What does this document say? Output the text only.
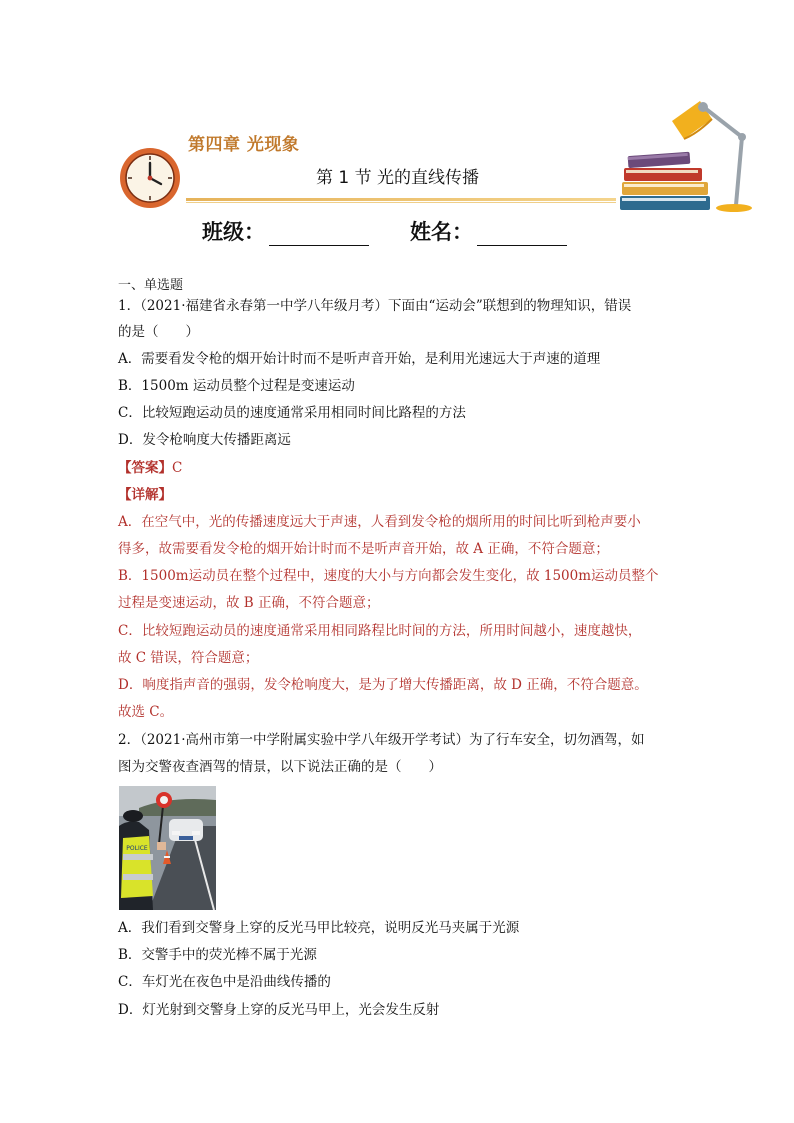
第四章 光现象
第 1 节 光的直线传播
班级：	姓名：
一、单选题
1．（2021·福建省永春第一中学八年级月考）下面由“运动会”联想到的物理知识，错误
的是（　　）
A．需要看发令枪的烟开始计时而不是听声音开始，是利用光速远大于声速的道理
B．1500m 运动员整个过程是变速运动
C．比较短跑运动员的速度通常采用相同时间比路程的方法
D．发令枪响度大传播距离远
【答案】C
【详解】
A．在空气中，光的传播速度远大于声速，人看到发令枪的烟所用的时间比听到枪声要小
得多，故需要看发令枪的烟开始计时而不是听声音开始，故 A 正确，不符合题意；
B．1500m运动员在整个过程中，速度的大小与方向都会发生变化，故 1500m运动员整个
过程是变速运动，故 B 正确，不符合题意；
C．比较短跑运动员的速度通常采用相同路程比时间的方法，所用时间越小，速度越快，
故 C 错误，符合题意；
D．响度指声音的强弱，发令枪响度大，是为了增大传播距离，故 D 正确，不符合题意。
故选 C。
2．（2021·高州市第一中学附属实验中学八年级开学考试）为了行车安全，切勿酒驾，如
图为交警夜查酒驾的情景，以下说法正确的是（　　）
POLICE
A．我们看到交警身上穿的反光马甲比较亮，说明反光马夹属于光源
B．交警手中的荧光棒不属于光源
C．车灯光在夜色中是沿曲线传播的
D．灯光射到交警身上穿的反光马甲上，光会发生反射
